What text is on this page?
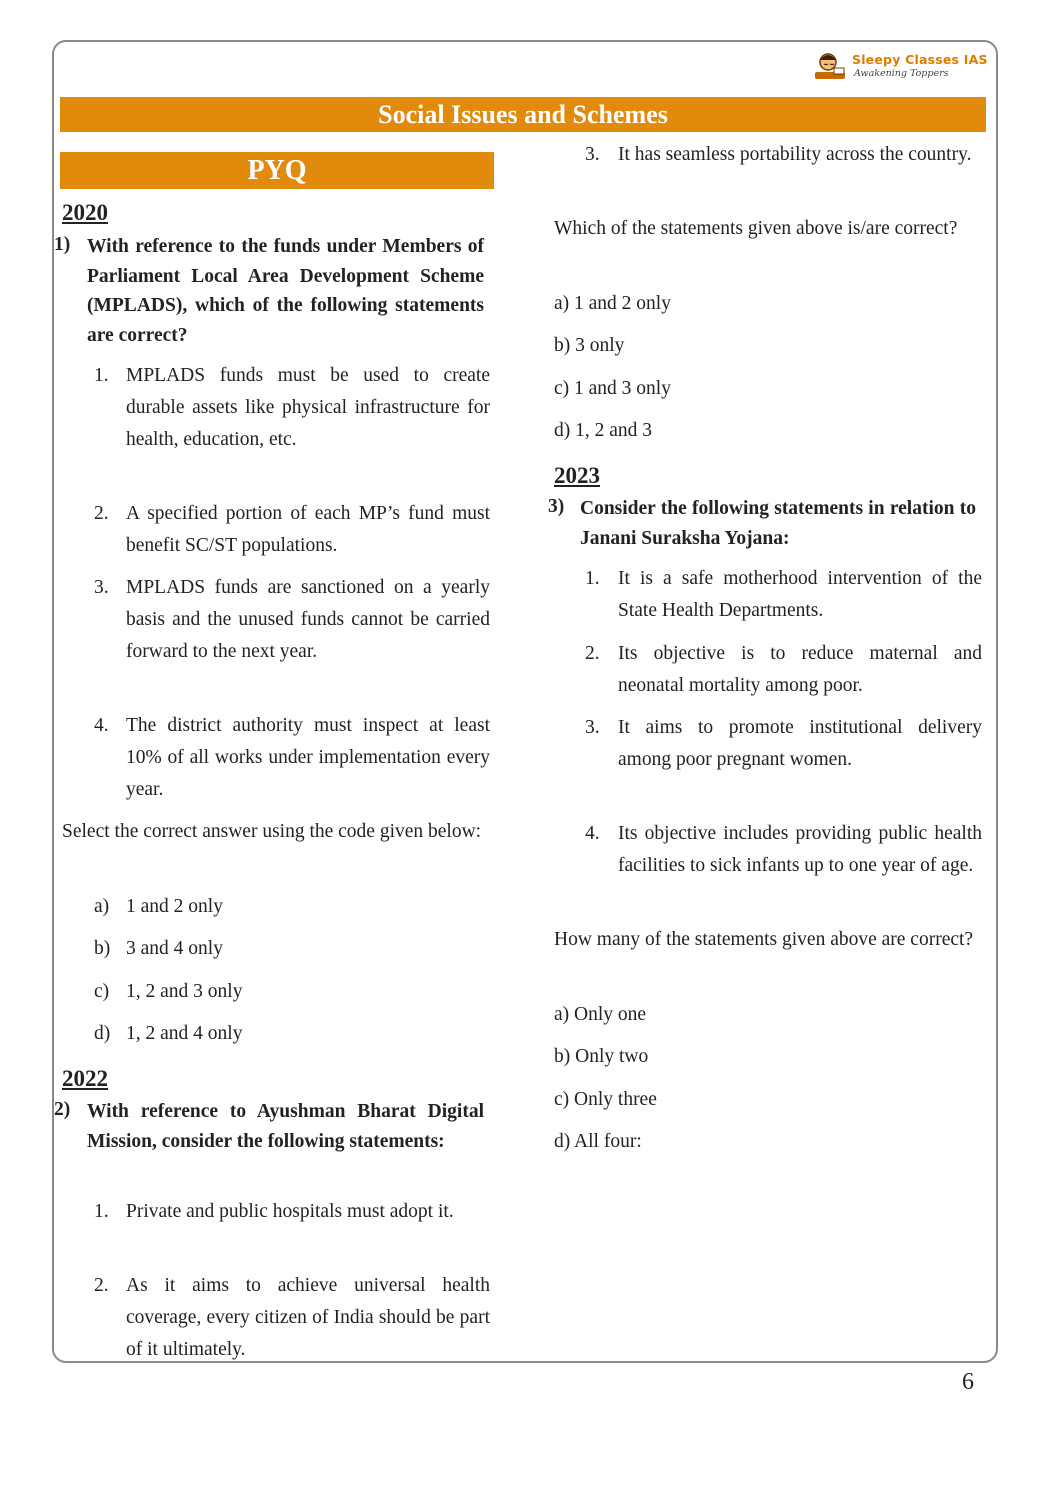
Sleepy Classes IAS
Awakening Toppers
Social Issues and Schemes
PYQ
2020
1) With reference to the funds under Members of Parliament Local Area Development Scheme (MPLADS), which of the following statements are correct?
1. MPLADS funds must be used to create durable assets like physical infrastructure for health, education, etc.
2. A specified portion of each MP’s fund must benefit SC/ST populations.
3. MPLADS funds are sanctioned on a yearly basis and the unused funds cannot be carried forward to the next year.
4. The district authority must inspect at least 10% of all works under implementation every year.
Select the correct answer using the code given below:
a) 1 and 2 only
b) 3 and 4 only
c) 1, 2 and 3 only
d) 1, 2 and 4 only
2022
2) With reference to Ayushman Bharat Digital Mission, consider the following statements:
1. Private and public hospitals must adopt it.
2. As it aims to achieve universal health coverage, every citizen of India should be part of it ultimately.
3. It has seamless portability across the country.
Which of the statements given above is/are correct?
a) 1 and 2 only
b) 3 only
c) 1 and 3 only
d) 1, 2 and 3
2023
3) Consider the following statements in relation to Janani Suraksha Yojana:
1. It is a safe motherhood intervention of the State Health Departments.
2. Its objective is to reduce maternal and neonatal mortality among poor.
3. It aims to promote institutional delivery among poor pregnant women.
4. Its objective includes providing public health facilities to sick infants up to one year of age.
How many of the statements given above are correct?
a) Only one
b) Only two
c) Only three
d) All four:
6
